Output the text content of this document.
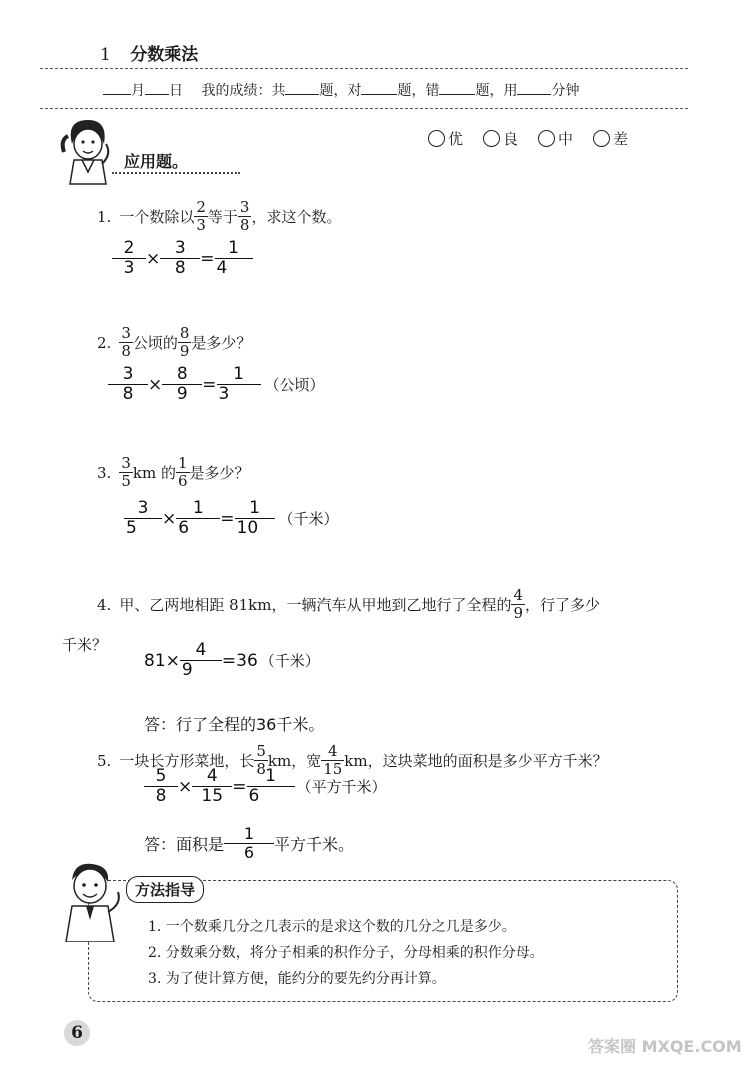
1 分数乘法
月 日 我的成绩：共 题，对	题，错	题，用 分钟
应用题。
优	良	中	差
1. 一个数除以 $\frac{2}{3}$ 等于 $\frac{3}{8}$ ，求这个数。
$\frac{2}{3} \times \frac{3}{8} = \frac{1}{4}$
2. $\frac{3}{8}$ 公顷的 $\frac{8}{9}$ 是多少？
$\frac{3}{8} \times \frac{8}{9} = \frac{1}{3}$ （公顷）
3. $\frac{3}{5}$ km 的 $\frac{1}{6}$ 是多少？
$\frac{3}{5} \times \frac{1}{6} = \frac{1}{10}$ （千米）
4. 甲、乙两地相距 81km，一辆汽车从甲地到乙地行了全程的 $\frac{4}{9}$ ，行了多少
千米？
$81 \times \frac{4}{9} = 36$ （千米）
答：行了全程的36千米。
5. 一块长方形菜地，长 $\frac{5}{8}$ km，宽 $\frac{4}{15}$ km，这块菜地的面积是多少平方千米？
$\frac{5}{8} \times \frac{4}{15} = \frac{1}{6}$ （平方千米）
答：面积是 $\frac{1}{6}$ 平方千米。
方法指导
1. 一个数乘几分之几表示的是求这个数的几分之几是多少。
2. 分数乘分数，将分子相乘的积作分子，分母相乘的积作分母。
3. 为了使计算方便，能约分的要先约分再计算。
6
答案圈 MXQE.COM
